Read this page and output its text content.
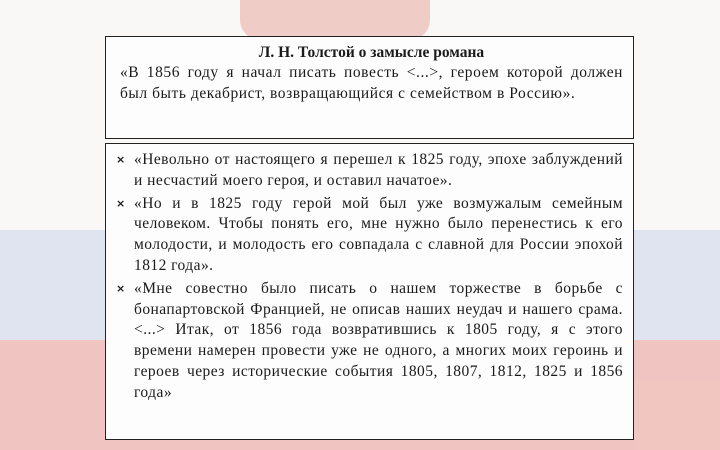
Л. Н. Толстой о замысле романа

«В 1856 году я начал писать повесть <...>, героем которой должен был быть декабрист, возвращающийся с семейством в Россию».

× «Невольно от настоящего я перешел к 1825 году, эпохе заблуждений и несчастий моего героя, и оставил начатое».

× «Но и в 1825 году герой мой был уже возмужалым семейным человеком. Чтобы понять его, мне нужно было перенестись к его молодости, и молодость его совпадала с славной для России эпохой 1812 года».

× «Мне совестно было писать о нашем торжестве в борьбе с бонапартовской Францией, не описав наших неудач и нашего срама. <...> Итак, от 1856 года возвратившись к 1805 году, я с этого времени намерен провести уже не одного, а многих моих героинь и героев через исторические события 1805, 1807, 1812, 1825 и 1856 года»
